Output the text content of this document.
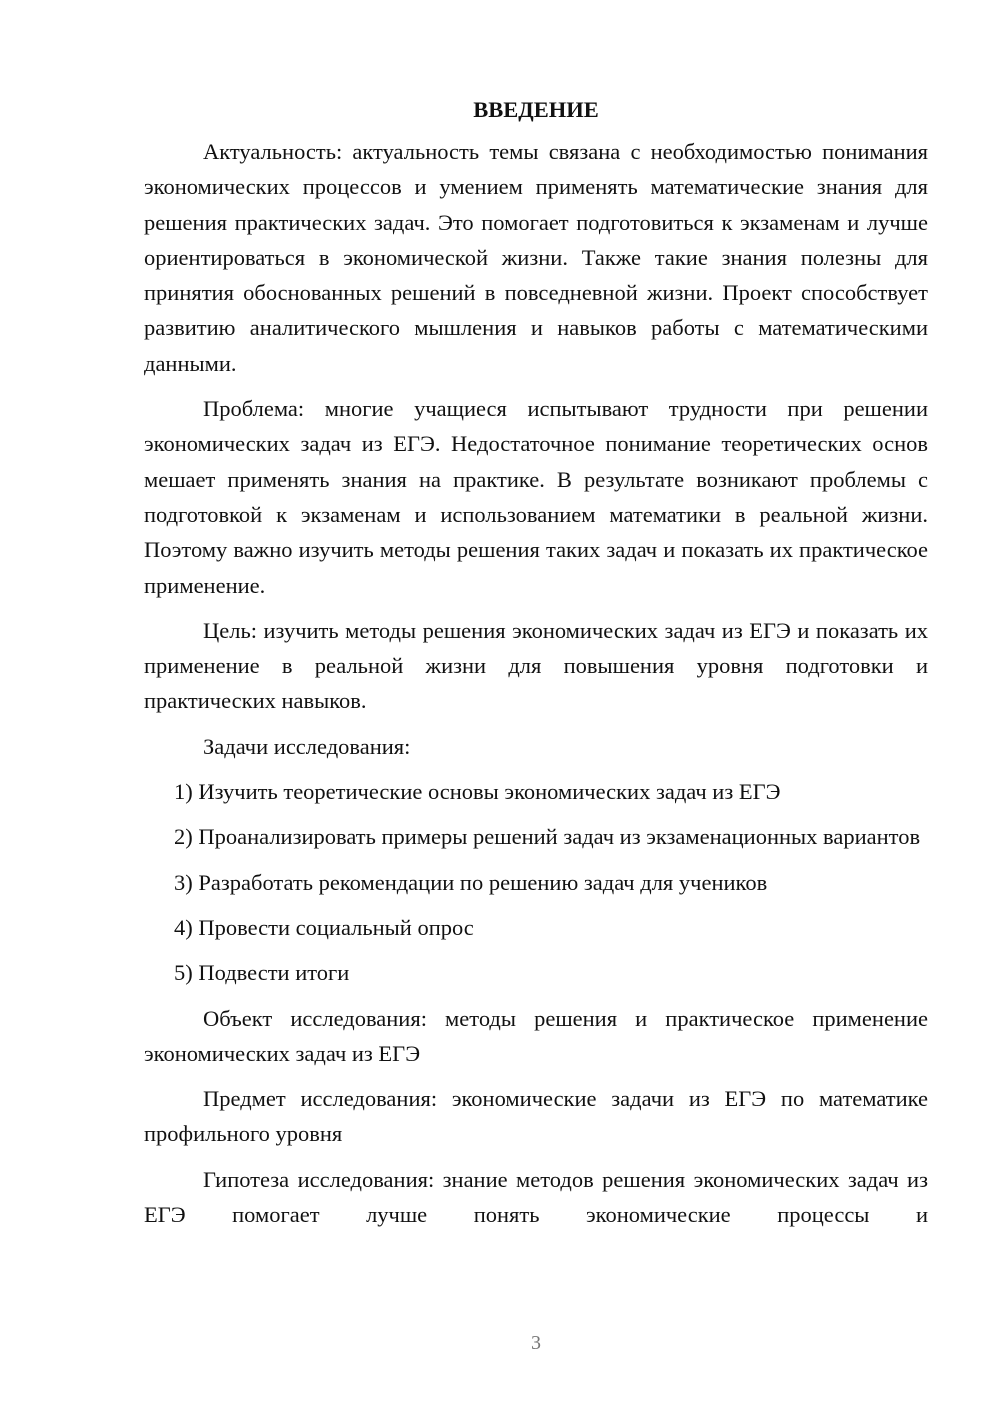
ВВЕДЕНИЕ

Актуальность: актуальность темы связана с необходимостью понимания экономических процессов и умением применять математические знания для решения практических задач. Это помогает подготовиться к экзаменам и лучше ориентироваться в экономической жизни. Также такие знания полезны для принятия обоснованных решений в повседневной жизни. Проект способствует развитию аналитического мышления и навыков работы с математическими данными.

Проблема: многие учащиеся испытывают трудности при решении экономических задач из ЕГЭ. Недостаточное понимание теоретических основ мешает применять знания на практике. В результате возникают проблемы с подготовкой к экзаменам и использованием математики в реальной жизни. Поэтому важно изучить методы решения таких задач и показать их практическое применение.

Цель: изучить методы решения экономических задач из ЕГЭ и показать их применение в реальной жизни для повышения уровня подготовки и практических навыков.

Задачи исследования:

1) Изучить теоретические основы экономических задач из ЕГЭ

2) Проанализировать примеры решений задач из экзаменационных вариантов

3) Разработать рекомендации по решению задач для учеников

4) Провести социальный опрос

5) Подвести итоги

Объект исследования: методы решения и практическое применение экономических задач из ЕГЭ

Предмет исследования: экономические задачи из ЕГЭ по математике профильного уровня

Гипотеза исследования: знание методов решения экономических задач из ЕГЭ помогает лучше понять экономические процессы и

3
